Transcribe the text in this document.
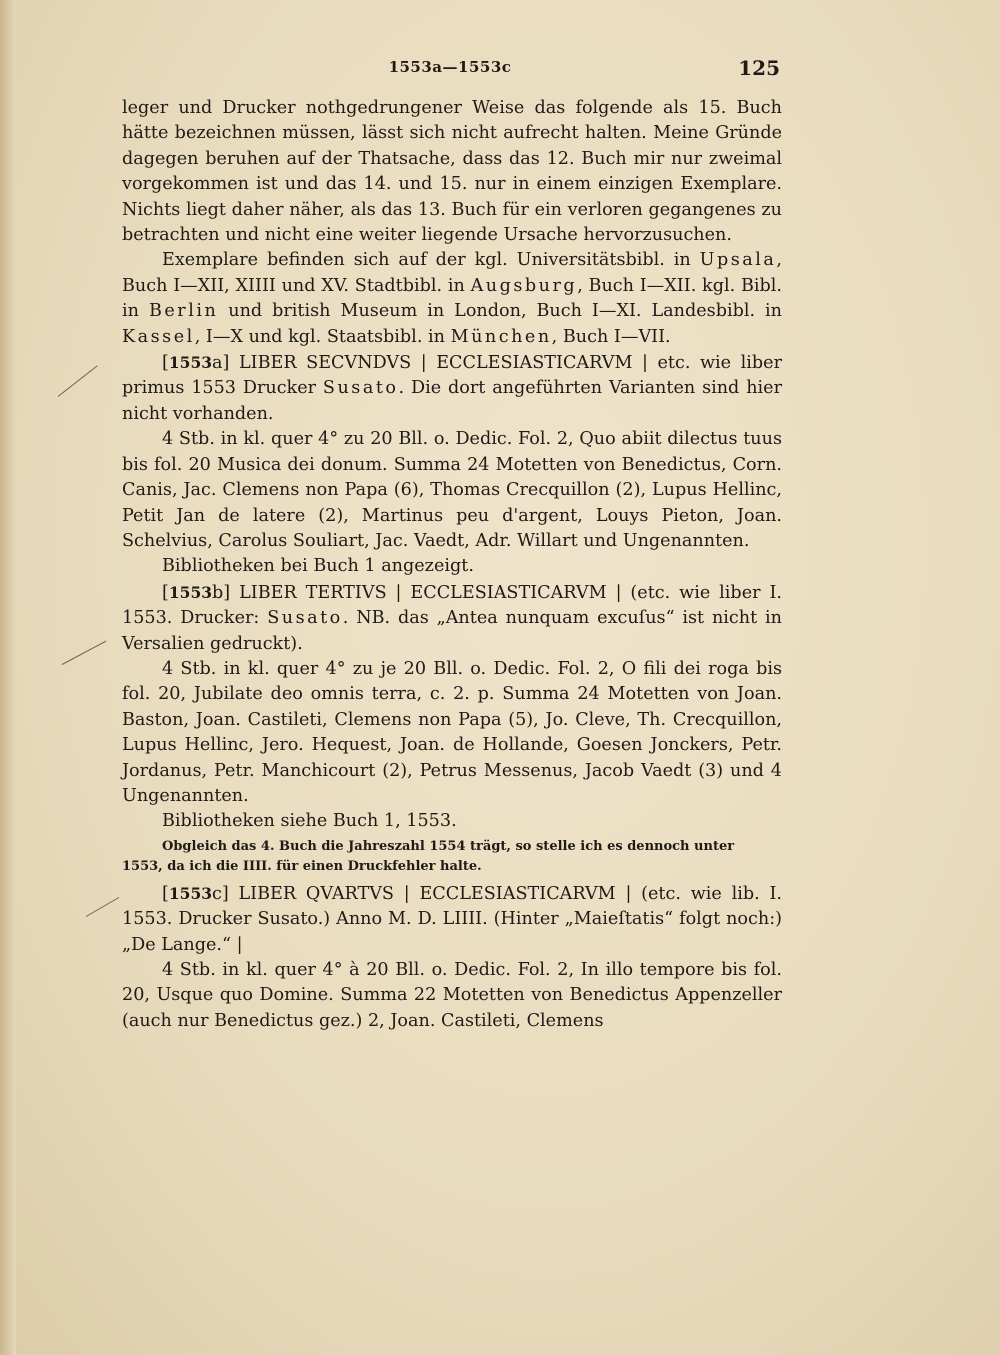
1553a—1553c	125

leger und Drucker nothgedrungener Weise das folgende als 15. Buch hätte bezeichnen müssen, lässt sich nicht aufrecht halten. Meine Gründe dagegen beruhen auf der Thatsache, dass das 12. Buch mir nur zweimal vorgekommen ist und das 14. und 15. nur in einem einzigen Exemplare. Nichts liegt daher näher, als das 13. Buch für ein verloren gegangenes zu betrachten und nicht eine weiter liegende Ursache hervorzusuchen.

Exemplare befinden sich auf der kgl. Universitätsbibl. in Upsala, Buch I—XII, XIIII und XV. Stadtbibl. in Augsburg, Buch I—XII. kgl. Bibl. in Berlin und british Museum in London, Buch I—XI. Landesbibl. in Kassel, I—X und kgl. Staatsbibl. in München, Buch I—VII.

[1553a] LIBER SECVNDVS | ECCLESIASTICARVM | etc. wie liber primus 1553 Drucker Susato. Die dort angeführten Varianten sind hier nicht vorhanden.

4 Stb. in kl. quer 4° zu 20 Bll. o. Dedic. Fol. 2, Quo abiit dilectus tuus bis fol. 20 Musica dei donum. Summa 24 Motetten von Benedictus, Corn. Canis, Jac. Clemens non Papa (6), Thomas Crecquillon (2), Lupus Hellinc, Petit Jan de latere (2), Martinus peu d'argent, Louys Pieton, Joan. Schelvius, Carolus Souliart, Jac. Vaedt, Adr. Willart und Ungenannten.

Bibliotheken bei Buch 1 angezeigt.

[1553b] LIBER TERTIVS | ECCLESIASTICARVM | (etc. wie liber I. 1553. Drucker: Susato. NB. das „Antea nunquam excuſus“ ist nicht in Versalien gedruckt).

4 Stb. in kl. quer 4° zu je 20 Bll. o. Dedic. Fol. 2, O fili dei roga bis fol. 20, Jubilate deo omnis terra, c. 2. p. Summa 24 Motetten von Joan. Baston, Joan. Castileti, Clemens non Papa (5), Jo. Cleve, Th. Crecquillon, Lupus Hellinc, Jero. Hequest, Joan. de Hollande, Goesen Jonckers, Petr. Jordanus, Petr. Manchicourt (2), Petrus Messenus, Jacob Vaedt (3) und 4 Ungenannten.

Bibliotheken siehe Buch 1, 1553.

Obgleich das 4. Buch die Jahreszahl 1554 trägt, so stelle ich es dennoch unter
1553, da ich die IIII. für einen Druckfehler halte.

[1553c] LIBER QVARTVS | ECCLESIASTICARVM | (etc. wie lib. I. 1553. Drucker Susato.) Anno M. D. LIIII. (Hinter „Maieſtatis“ folgt noch:) „De Lange.“ |

4 Stb. in kl. quer 4° à 20 Bll. o. Dedic. Fol. 2, In illo tempore bis fol. 20, Usque quo Domine. Summa 22 Motetten von Benedictus Appenzeller (auch nur Benedictus gez.) 2, Joan. Castileti, Clemens
